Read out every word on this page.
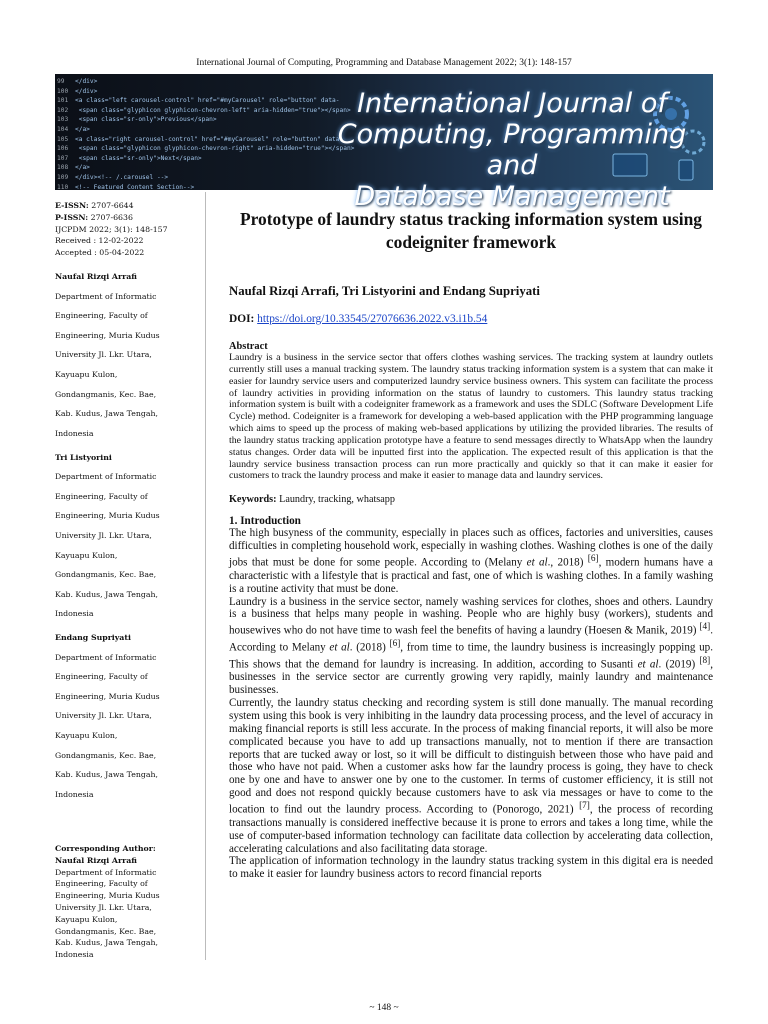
International Journal of Computing, Programming and Database Management 2022; 3(1): 148-157
99 </div>
100 </div>
101 <a class="left carousel-control" href="#myCarousel" role="button" data-
102 <span class="glyphicon glyphicon-chevron-left" aria-hidden="true"></span>
103 <span class="sr-only">Previous</span>
104 </a>
105 <a class="right carousel-control" href="#myCarousel" role="button" data-
106 <span class="glyphicon glyphicon-chevron-right" aria-hidden="true"></span>
107 <span class="sr-only">Next</span>
108 </a>
109 </div><!-- /.carousel -->
110 <!-- Featured Content Section-->
International Journal of
Computing, Programming and
Database Management

E-ISSN: 2707-6644

P-ISSN: 2707-6636

IJCPDM 2022; 3(1): 148-157

Received : 12-02-2022

Accepted : 05-04-2022

Naufal Rizqi Arrafi

Department of Informatic

Engineering, Faculty of

Engineering, Muria Kudus

University Jl. Lkr. Utara,

Kayuapu Kulon,

Gondangmanis, Kec. Bae,

Kab. Kudus, Jawa Tengah,

Indonesia

Tri Listyorini

Department of Informatic

Engineering, Faculty of

Engineering, Muria Kudus

University Jl. Lkr. Utara,

Kayuapu Kulon,

Gondangmanis, Kec. Bae,

Kab. Kudus, Jawa Tengah,

Indonesia

Endang Supriyati

Department of Informatic

Engineering, Faculty of

Engineering, Muria Kudus

University Jl. Lkr. Utara,

Kayuapu Kulon,

Gondangmanis, Kec. Bae,

Kab. Kudus, Jawa Tengah,

Indonesia

Corresponding Author:

Naufal Rizqi Arrafi

Department of Informatic

Engineering, Faculty of

Engineering, Muria Kudus

University Jl. Lkr. Utara,

Kayuapu Kulon,

Gondangmanis, Kec. Bae,

Kab. Kudus, Jawa Tengah,

Indonesia

Prototype of laundry status tracking information system using codeigniter framework
Naufal Rizqi Arrafi, Tri Listyorini and Endang Supriyati
DOI: https://doi.org/10.33545/27076636.2022.v3.i1b.54
Abstract

Laundry is a business in the service sector that offers clothes washing services. The tracking system at laundry outlets currently still uses a manual tracking system. The laundry status tracking information system is a system that can make it easier for laundry service users and computerized laundry service business owners. This system can facilitate the process of laundry activities in providing information on the status of laundry to customers. This laundry status tracking information system is built with a codeigniter framework as a framework and uses the SDLC (Software Development Life Cycle) method. Codeigniter is a framework for developing a web-based application with the PHP programming language which aims to speed up the process of making web-based applications by utilizing the provided libraries. The results of the laundry status tracking application prototype have a feature to send messages directly to WhatsApp when the laundry status changes. Order data will be inputted first into the application. The expected result of this application is that the laundry service business transaction process can run more practically and quickly so that it can make it easier for customers to track the laundry process and make it easier to manage data and laundry services.

Keywords: Laundry, tracking, whatsapp
1. Introduction

The high busyness of the community, especially in places such as offices, factories and universities, causes difficulties in completing household work, especially in washing clothes. Washing clothes is one of the daily jobs that must be done for some people. According to (Melany et al., 2018) [6], modern humans have a characteristic with a lifestyle that is practical and fast, one of which is washing clothes. In a family washing is a routine activity that must be done.

Laundry is a business in the service sector, namely washing services for clothes, shoes and others. Laundry is a business that helps many people in washing. People who are highly busy (workers), students and housewives who do not have time to wash feel the benefits of having a laundry (Hoesen & Manik, 2019) [4]. According to Melany et al. (2018) [6], from time to time, the laundry business is increasingly popping up. This shows that the demand for laundry is increasing. In addition, according to Susanti et al. (2019) [8], businesses in the service sector are currently growing very rapidly, mainly laundry and maintenance businesses.

Currently, the laundry status checking and recording system is still done manually. The manual recording system using this book is very inhibiting in the laundry data processing process, and the level of accuracy in making financial reports is still less accurate. In the process of making financial reports, it will also be more complicated because you have to add up transactions manually, not to mention if there are transaction reports that are tucked away or lost, so it will be difficult to distinguish between those who have paid and those who have not paid. When a customer asks how far the laundry process is going, they have to check one by one and have to answer one by one to the customer. In terms of customer efficiency, it is still not good and does not respond quickly because customers have to ask via messages or have to come to the location to find out the laundry process. According to (Ponorogo, 2021) [7], the process of recording transactions manually is considered ineffective because it is prone to errors and takes a long time, while the use of computer-based information technology can facilitate data collection by accelerating data collection, accelerating calculations and also facilitating data storage.

The application of information technology in the laundry status tracking system in this digital era is needed to make it easier for laundry business actors to record financial reports

~ 148 ~
